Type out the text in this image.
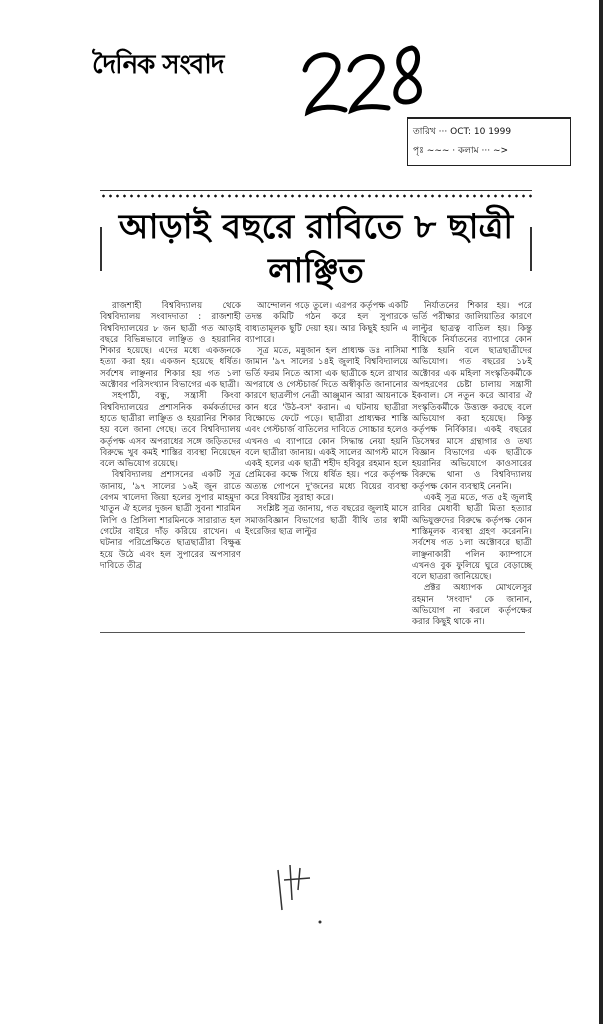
দৈনিক সংবাদ
তারিখ ··· OCT: 10 1999
পৃঃ ~~~ · কলাম ··· ~>
আড়াই বছরে রাবিতে ৮ ছাত্রী লাঞ্ছিত

রাজশাহী বিশ্ববিদ্যালয় থেকে বিশ্ববিদ্যালয় সংবাদদাতা : রাজশাহী বিশ্ববিদ্যালয়ের ৮ জন ছাত্রী গত আড়াই বছরে বিভিন্নভাবে লাঞ্ছিত ও হয়রানির শিকার হয়েছে। এদের মধ্যে একজনকে হত্যা করা হয়। একজন হয়েছে ধর্ষিত। সর্বশেষ লাঞ্ছনার শিকার হয় গত ১লা অক্টোবর পরিসংখ্যান বিভাগের এক ছাত্রী।

সহপাঠী, বন্ধু, সন্ত্রাসী কিংবা বিশ্ববিদ্যালয়ের প্রশাসনিক কর্মকর্তাদের হাতে ছাত্রীরা লাঞ্ছিত ও হয়রানির শিকার হয় বলে জানা গেছে। তবে বিশ্ববিদ্যালয় কর্তৃপক্ষ এসব অপরাধের সঙ্গে জড়িতদের বিরুদ্ধে খুব কমই শাস্তির ব্যবস্থা নিয়েছেন বলে অভিযোগ রয়েছে।

বিশ্ববিদ্যালয় প্রশাসনের একটি সূত্র জানায়, '৯৭ সালের ১৬ই জুন রাতে বেগম খালেদা জিয়া হলের সুপার মাহমুদা খাতুন ঐ হলের দুজন ছাত্রী সুবনা শারমিন লিপি ও প্রিসিলা শারমিনকে সারারাত হল গেটের বাইরে দাঁড় করিয়ে রাখেন। এ ঘটনার পরিপ্রেক্ষিতে ছাত্রছাত্রীরা বিক্ষুব্ধ হয়ে উঠে এবং হল সুপারের অপসারণ দাবিতে তীব্র

আন্দোলন গড়ে তুলে। এরপর কর্তৃপক্ষ একটি তদন্ত কমিটি গঠন করে হল সুপারকে বাধ্যতামূলক ছুটি দেয়া হয়। আর কিছুই হয়নি এ ব্যাপারে।

সূত্র মতে, মন্নুজান হল প্রাধ্যক্ষ ডঃ নাসিমা জামান '৯৭ সালের ১৪ই জুলাই বিশ্ববিদ্যালয়ে ভর্তি ফরম নিতে আসা এক ছাত্রীকে হলে রাখার অপরাধে ও গেস্টচার্জ দিতে অস্বীকৃতি জানানোর কারণে ছাত্রলীগ নেত্রী আঞ্জুমান আরা আয়নাকে কান ধরে 'উঠ-বস' করান। এ ঘটনায় ছাত্রীরা বিক্ষোভে ফেটে পড়ে। ছাত্রীরা প্রাধ্যক্ষর শাস্তি এবং গেস্টচার্জ বাতিলের দাবিতে সোচ্চার হলেও এখনও এ ব্যাপারে কোন সিদ্ধান্ত নেয়া হয়নি বলে ছাত্রীরা জানায়। একই সালের আগস্ট মাসে একই হলের এক ছাত্রী শহীদ হবিবুর রহমান হলে প্রেমিকের কক্ষে গিয়ে ধর্ষিত হয়। পরে কর্তৃপক্ষ অত্যন্ত গোপনে দু'জনের মধ্যে বিয়ের ব্যবস্থা করে বিষয়টির সুরাহা করে।

সংশ্লিষ্ট সূত্র জানায়, গত বছরের জুলাই মাসে সমাজবিজ্ঞান বিভাগের ছাত্রী বীথি তার স্বামী ইংরেজির ছাত্র লাল্টুর

নির্যাতনের শিকার হয়। পরে ভর্তি পরীক্ষার জালিয়াতির কারণে লাল্টুর ছাত্রত্ব বাতিল হয়। কিন্তু বীথিকে নির্যাতনের ব্যাপারে কোন শাস্তি হয়নি বলে ছাত্রছাত্রীদের অভিযোগ। গত বছরের ১৮ই অক্টোবর এক মহিলা সংস্কৃতিকর্মীকে অপহরণের চেষ্টা চালায় সন্ত্রাসী ইকবাল। সে নতুন করে আবার ঐ সংস্কৃতিকর্মীকে উত্ত্যক্ত করছে বলে অভিযোগ করা হয়েছে। কিন্তু কর্তৃপক্ষ নির্বিকার। একই বছরের ডিসেম্বর মাসে গ্রন্থাগার ও তথ্য বিজ্ঞান বিভাগের এক ছাত্রীকে হয়রানির অভিযোগে কাওসারের বিরুদ্ধে থানা ও বিশ্ববিদ্যালয় কর্তৃপক্ষ কোন ব্যবস্থাই নেননি।

একই সূত্র মতে, গত ৫ই জুলাই রাবির মেধাবী ছাত্রী মিতা হত্যার অভিযুক্তদের বিরুদ্ধে কর্তৃপক্ষ কোন শাস্তিমূলক ব্যবস্থা গ্রহণ করেননি। সর্বশেষ গত ১লা অক্টোবরে ছাত্রী লাঞ্ছনাকারী পলিন ক্যাম্পাসে এখনও বুক ফুলিয়ে ঘুরে বেড়াচ্ছে বলে ছাত্ররা জানিয়েছে।

প্রক্টর অধ্যাপক মোখলেসুর রহমান 'সংবাদ' কে জানান, অভিযোগ না করলে কর্তৃপক্ষের করার কিছুই থাকে না।
